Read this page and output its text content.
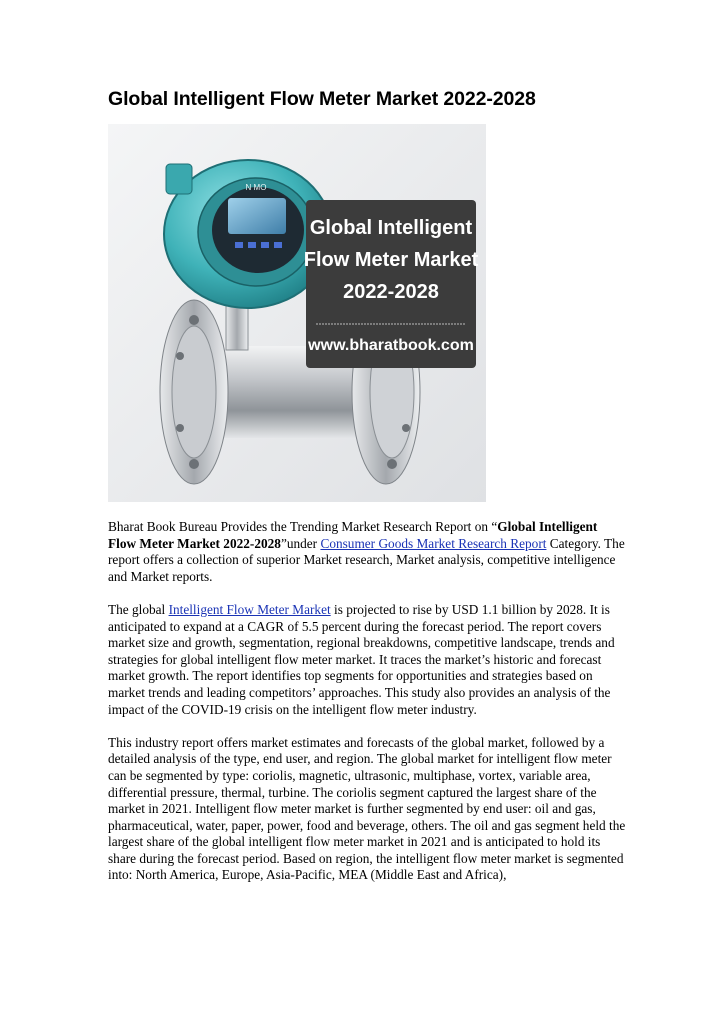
Global Intelligent Flow Meter Market 2022-2028
N MO
Global Intelligent
Flow Meter Market
2022-2028
www.bharatbook.com

Bharat Book Bureau Provides the Trending Market Research Report on “Global Intelligent Flow Meter Market 2022-2028”under Consumer Goods Market Research Report Category. The report offers a collection of superior Market research, Market analysis, competitive intelligence and Market reports.

The global Intelligent Flow Meter Market is projected to rise by USD 1.1 billion by 2028. It is anticipated to expand at a CAGR of 5.5 percent during the forecast period. The report covers market size and growth, segmentation, regional breakdowns, competitive landscape, trends and strategies for global intelligent flow meter market. It traces the market’s historic and forecast market growth. The report identifies top segments for opportunities and strategies based on market trends and leading competitors’ approaches. This study also provides an analysis of the impact of the COVID-19 crisis on the intelligent flow meter industry.

This industry report offers market estimates and forecasts of the global market, followed by a detailed analysis of the type, end user, and region. The global market for intelligent flow meter can be segmented by type: coriolis, magnetic, ultrasonic, multiphase, vortex, variable area, differential pressure, thermal, turbine. The coriolis segment captured the largest share of the market in 2021. Intelligent flow meter market is further segmented by end user: oil and gas, pharmaceutical, water, paper, power, food and beverage, others. The oil and gas segment held the largest share of the global intelligent flow meter market in 2021 and is anticipated to hold its share during the forecast period. Based on region, the intelligent flow meter market is segmented into: North America, Europe, Asia-Pacific, MEA (Middle East and Africa),
